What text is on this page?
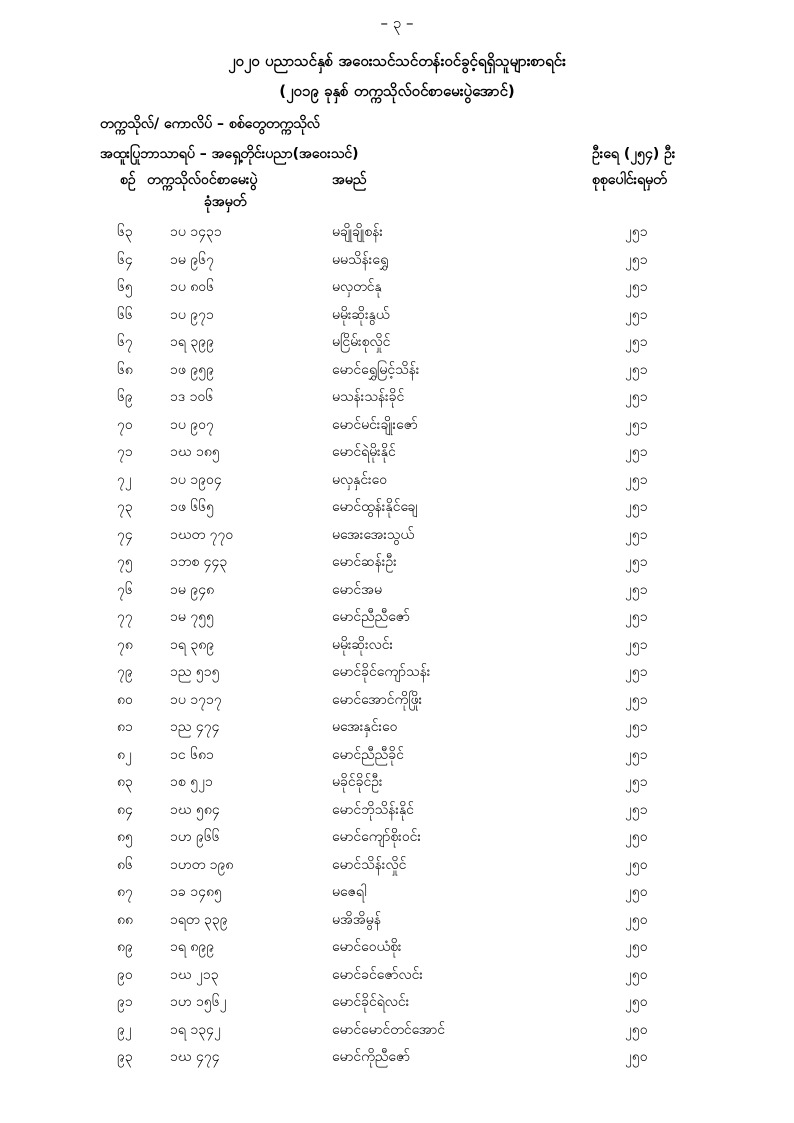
– ၃ –
၂၀၂၀ ပညာသင်နှစ် အဝေးသင်သင်တန်းဝင်ခွင့်ရရှိသူများစာရင်း
(၂၀၁၉ ခုနှစ် တက္ကသိုလ်ဝင်စာမေးပွဲအောင်)
တက္ကသိုလ်/ ကောလိပ် – စစ်တွေတက္ကသိုလ်
အထူးပြုဘာသာရပ် – အရှေ့တိုင်းပညာ(အဝေးသင်)	ဦးရေ (၂၅၄) ဦး
စဉ် တက္ကသိုလ်ဝင်စာမေးပွဲ
ခုံအမှတ်
အမည်	စုစုပေါင်းရမှတ်
၆၃	၁ပ ၁၄၃၁	မချိုချိုစန်း	၂၅၁
၆၄	၁မ ၉၆၇	မမသိန်းရွှေ	၂၅၁
၆၅	၁ပ ၈၀၆	မလှတင်နု	၂၅၁
၆၆	၁ပ ၉၇၁	မမိုးဆိုးနွယ်	၂၅၁
၆၇	၁ရ ၃၉၉	မငြိမ်းစုလှိုင်	၂၅၁
၆၈	၁ဖ ၉၅၉	မောင်ရွှေမြင့်သိန်း	၂၅၁
၆၉	၁ဒ ၁၀၆	မသန်းသန်းခိုင်	၂၅၁
၇၀	၁ပ ၉၀၇	မောင်မင်းချိုးဇော်	၂၅၁
၇၁	၁ဃ ၁၈၅	မောင်ရဲမိုးနိုင်	၂၅၁
၇၂	၁ပ ၁၉၀၄	မလှနှင်းဝေ	၂၅၁
၇၃	၁ဖ ၆၆၅	မောင်ထွန်းနိုင်ချေ	၂၅၁
၇၄	၁ဃတ ၇၇၀	မအေးအေးသွယ်	၂၅၁
၇၅	၁ဘစ ၄၄၃	မောင်ဆန်းဦး	၂၅၁
၇၆	၁မ ၉၄၈	မောင်အမ	၂၅၁
၇၇	၁မ ၇၅၅	မောင်ညီညီဇော်	၂၅၁
၇၈	၁ရ ၃၈၉	မမိုးဆိုးလင်း	၂၅၁
၇၉	၁ည ၅၁၅	မောင်ခိုင်ကျော်သန်း	၂၅၁
၈၀	၁ပ ၁၇၁၇	မောင်အောင်ကိုဖြိုး	၂၅၁
၈၁	၁ည ၄၇၄	မအေးနှင်းဝေ	၂၅၁
၈၂	၁င ၆၈၁	မောင်ညီညီခိုင်	၂၅၁
၈၃	၁စ ၅၂၁	မခိုင်ခိုင်ဦး	၂၅၁
၈၄	၁ဃ ၅၈၄	မောင်ဘိုသိန်းနိုင်	၂၅၁
၈၅	၁ဟ ၉၆၆	မောင်ကျော်စိုးဝင်း	၂၅၀
၈၆	၁ဟတ ၁၉၈	မောင်သိန်းလှိုင်	၂၅၀
၈၇	၁ခ ၁၄၈၅	မဇေရါ	၂၅၀
၈၈	၁ရတ ၃၃၉	မအိအိမွန်	၂၅၀
၈၉	၁ရ ၈၉၉	မောင်ဝေယံစိုး	၂၅၀
၉၀	၁ဃ ၂၁၃	မောင်ခင်ဇော်လင်း	၂၅၀
၉၁	၁ဟ ၁၅၆၂	မောင်ခိုင်ရဲလင်း	၂၅၀
၉၂	၁ရ ၁၃၄၂	မောင်မောင်တင်အောင်	၂၅၀
၉၃	၁ဃ ၄၇၄	မောင်ကိုညီဇော်	၂၅၀
